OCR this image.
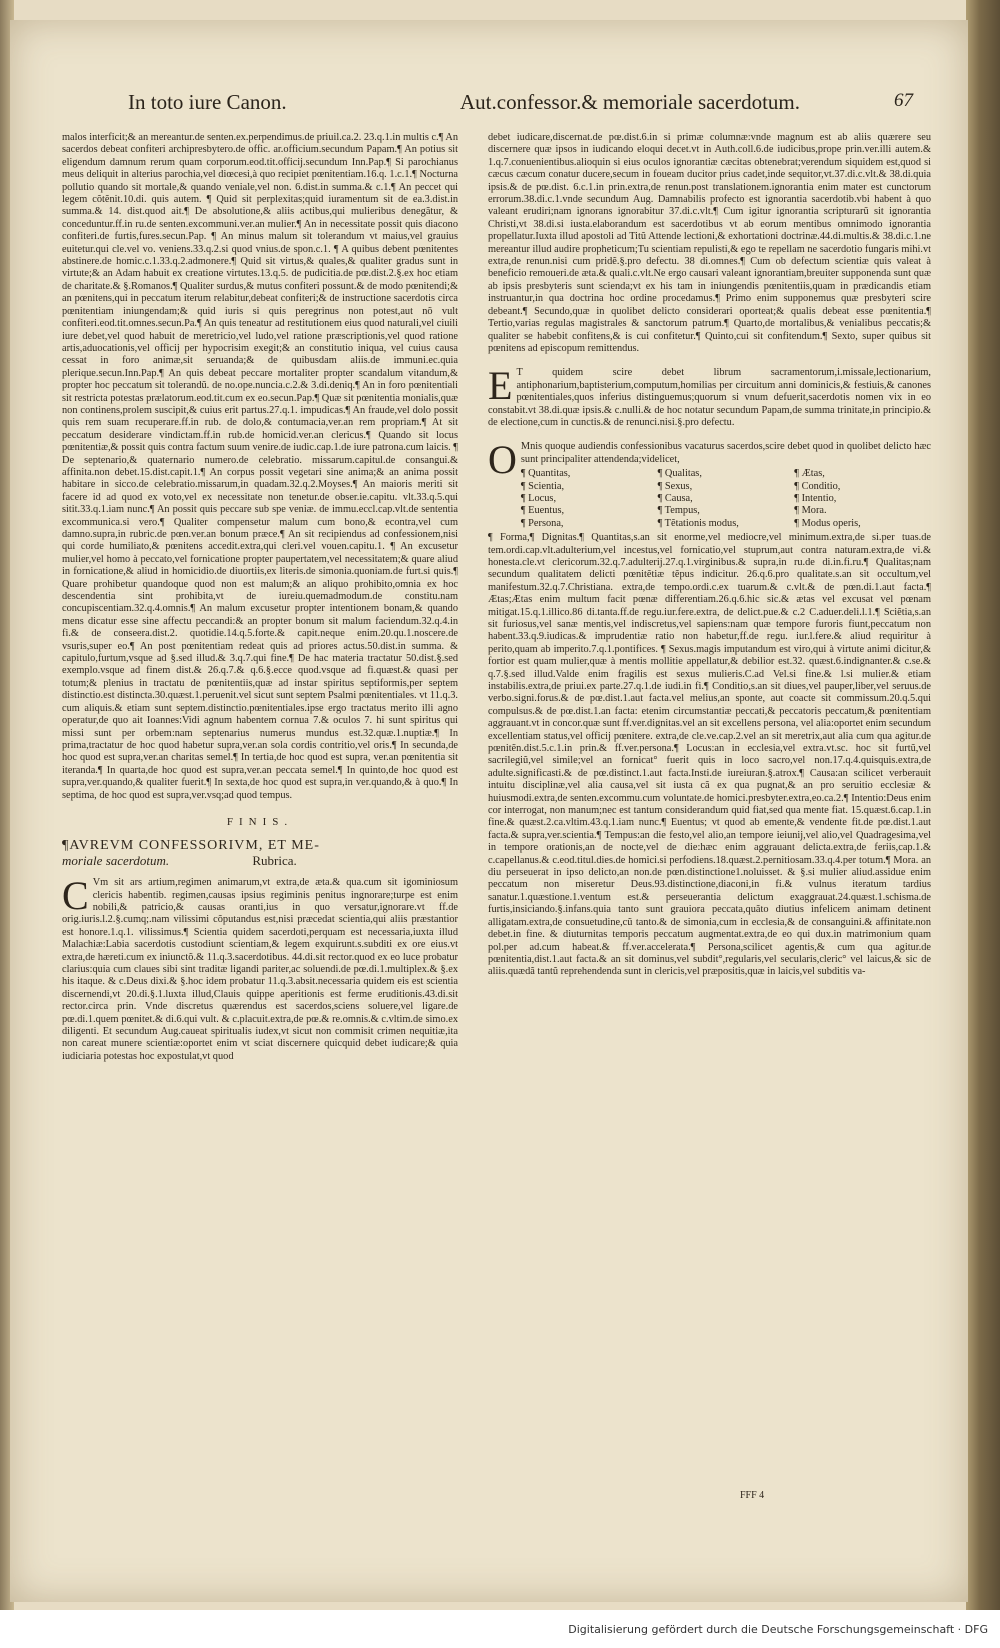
In toto iure Canon.	Aut.confessor.& memoriale sacerdotum.	67

malos interficit;& an mereantur.de senten.ex.perpendimus.de priuil.ca.2. 23.q.1.in multis c.¶ An sacerdos debeat confiteri archipresbytero.de offic. ar.officium.secundum Papam.¶ An potius sit eligendum damnum rerum quam corporum.eod.tit.officij.secundum Inn.Pap.¶ Si parochianus meus deliquit in alterius parochia,vel diœcesi,à quo recipiet pœnitentiam.16.q. 1.c.1.¶ Nocturna pollutio quando sit mortale,& quando veniale,vel non. 6.dist.in summa.& c.1.¶ An peccet qui legem cõtẽnit.10.di. quis autem. ¶ Quid sit perplexitas;quid iuramentum sit de ea.3.dist.in summa.& 14. dist.quod ait.¶ De absolutione,& aliis actibus,qui mulieribus denegãtur, & conceduntur.ff.in ru.de senten.excommuni.ver.an mulier.¶ An in necessitate possit quis diacono confiteri.de furtis,fures.secun.Pap. ¶ An minus malum sit tolerandum vt maius,vel grauius euitetur.qui cle.vel vo. veniens.33.q.2.si quod vnius.de spon.c.1. ¶ A quibus debent pœnitentes abstinere.de homic.c.1.33.q.2.admonere.¶ Quid sit virtus,& quales,& qualiter gradus sunt in virtute;& an Adam habuit ex creatione virtutes.13.q.5. de pudicitia.de pœ.dist.2.§.ex hoc etiam de charitate.& §.Romanos.¶ Qualiter surdus,& mutus confiteri possunt.& de modo pœnitendi;& an pœnitens,qui in peccatum iterum relabitur,debeat confiteri;& de instructione sacerdotis circa pœnitentiam iniungendam;& quid iuris si quis peregrinus non potest,aut nõ vult confiteri.eod.tit.omnes.secun.Pa.¶ An quis teneatur ad restitutionem eius quod naturali,vel ciuili iure debet,vel quod habuit de meretricio,vel ludo,vel ratione præscriptionis,vel quod ratione artis,aduocationis,vel officij per hypocrisim exegit;& an constitutio iniqua, vel cuius causa cessat in foro animæ,sit seruanda;& de quibusdam aliis.de immuni.ec.quia plerique.secun.Inn.Pap.¶ An quis debeat peccare mortaliter propter scandalum vitandum,& propter hoc peccatum sit tolerandũ. de no.ope.nuncia.c.2.& 3.di.deniq.¶ An in foro pœnitentiali sit restricta potestas prælatorum.eod.tit.cum ex eo.secun.Pap.¶ Quæ sit pœnitentia monialis,quæ non continens,prolem suscipit,& cuius erit partus.27.q.1. impudicas.¶ An fraude,vel dolo possit quis rem suam recuperare.ff.in rub. de dolo,& contumacia,ver.an rem propriam.¶ At sit peccatum desiderare vindictam.ff.in rub.de homicid.ver.an clericus.¶ Quando sit locus pœnitentiæ,& possit quis contra factum suum venire.de iudic.cap.1.de iure patrona.cum laicis. ¶ De septenario,& quaternario numero.de celebratio. missarum.capitul.de consangui.& affinita.non debet.15.dist.capit.1.¶ An corpus possit vegetari sine anima;& an anima possit habitare in sicco.de celebratio.missarum,in quadam.32.q.2.Moyses.¶ An maioris meriti sit facere id ad quod ex voto,vel ex necessitate non tenetur.de obser.ie.capitu. vlt.33.q.5.qui sitit.33.q.1.iam nunc.¶ An possit quis peccare sub spe veniæ. de immu.eccl.cap.vlt.de sententia excommunica.si vero.¶ Qualiter compensetur malum cum bono,& econtra,vel cum damno.supra,in rubric.de pœn.ver.an bonum præce.¶ An sit recipiendus ad confessionem,nisi qui corde humiliato,& pœnitens accedit.extra,qui cleri.vel vouen.capitu.1. ¶ An excusetur mulier,vel homo à peccato,vel fornicatione propter paupertatem,vel necessitatem;& quare aliud in fornicatione,& aliud in homicidio.de diuortiis,ex literis.de simonia.quoniam.de furt.si quis.¶ Quare prohibetur quandoque quod non est malum;& an aliquo prohibito,omnia ex hoc descendentia sint prohibita,vt de iureiu.quemadmodum.de constitu.nam concupiscentiam.32.q.4.omnis.¶ An malum excusetur propter intentionem bonam,& quando mens dicatur esse sine affectu peccandi:& an propter bonum sit malum faciendum.32.q.4.in fi.& de conseera.dist.2. quotidie.14.q.5.forte.& capit.neque enim.20.qu.1.noscere.de vsuris,super eo.¶ An post pœnitentiam redeat quis ad priores actus.50.dist.in summa. & capitulo,furtum,vsque ad §.sed illud.& 3.q.7.qui fine.¶ De hac materia tractatur 50.dist.§.sed exemplo.vsque ad finem dist.& 26.q.7.& q.6.§.ecce quod.vsque ad fi.quæst.& quasi per totum;& plenius in tractatu de pœnitentiis,quæ ad instar spiritus septiformis,per septem distinctio.est distincta.30.quæst.1.peruenit.vel sicut sunt septem Psalmi pœnitentiales. vt 11.q.3. cum aliquis.& etiam sunt septem.distinctio.pœnitentiales.ipse ergo tractatus merito illi agno operatur,de quo ait Ioannes:Vidi agnum habentem cornua 7.& oculos 7. hi sunt spiritus qui missi sunt per orbem:nam septenarius numerus mundus est.32.quæ.1.nuptiæ.¶ In prima,tractatur de hoc quod habetur supra,ver.an sola cordis contritio,vel oris.¶ In secunda,de hoc quod est supra,ver.an charitas semel.¶ In tertia,de hoc quod est supra, ver.an pœnitentia sit iteranda.¶ In quarta,de hoc quod est supra,ver.an peccata semel.¶ In quinto,de hoc quod est supra,ver.quando,& qualiter fuerit.¶ In sexta,de hoc quod est supra,in ver.quando,& à quo.¶ In septima, de hoc quod est supra,ver.vsq;ad quod tempus.

FINIS.
¶AVREVM CONFESSORIVM, ET ME-
moriale sacerdotum.	Rubrica.
C Vm sit ars artium,regimen animarum,vt extra,de æta.& qua.cum sit igominiosum clericis habentib. regimen,causas ipsius regiminis penitus ingnorare;turpe est enim nobili,& patricio,& causas oranti,ius in quo versatur,ignorare.vt ff.de orig.iuris.l.2.§.cumq;.nam vilissimi cõputandus est,nisi præcedat scientia,qui aliis præstantior est honore.1.q.1. vilissimus.¶ Scientia quidem sacerdoti,perquam est necessaria,iuxta illud Malachiæ:Labia sacerdotis custodiunt scientiam,& legem exquirunt.s.subditi ex ore eius.vt extra,de hæreti.cum ex iniunctõ.& 11.q.3.sacerdotibus. 44.di.sit rector.quod ex eo luce probatur clarius:quia cum claues sibi sint traditæ ligandi pariter,ac soluendi.de pœ.di.1.multiplex.& §.ex his itaque. & c.Deus dixi.& §.hoc idem probatur 11.q.3.absit.necessaria quidem eis est scientia discernendi,vt 20.di.§.1.luxta illud,Clauis quippe aperitionis est ferme eruditionis.43.di.sit rector.circa prin. Vnde discretus quærendus est sacerdos,sciens soluere,vel ligare.de pœ.di.1.quem pœnitet.& di.6.qui vult. & c.placuit.extra,de pœ.& re.omnis.& c.vltim.de simo.ex diligenti. Et secundum Aug.caueat spiritualis iudex,vt sicut non commisit crimen nequitiæ,ita non careat munere scientiæ:oportet enim vt sciat discernere quicquid debet iudicare;& quia iudiciaria potestas hoc expostulat,vt quod

debet iudicare,discernat.de pœ.dist.6.in si primæ columnæ:vnde magnum est ab aliis quærere seu discernere quæ ipsos in iudicando eloqui decet.vt in Auth.coll.6.de iudicibus,prope prin.ver.illi autem.& 1.q.7.conuenientibus.alioquin si eius oculos ignorantiæ cæcitas obtenebrat;verendum siquidem est,quod si cæcus cæcum conatur ducere,secum in foueam ducitor prius cadet,inde sequitor,vt.37.di.c.vlt.& 38.di.quia ipsis.& de pœ.dist. 6.c.1.in prin.extra,de renun.post translationem.ignorantia enim mater est cunctorum errorum.38.di.c.1.vnde secundum Aug. Damnabilis profecto est ignorantia sacerdotib.vbi habent à quo valeant erudiri;nam ignorans ignorabitur 37.di.c.vlt.¶ Cum igitur ignorantia scripturarũ sit ignorantia Christi,vt 38.di.si iusta.elaborandum est sacerdotibus vt ab eorum mentibus omnimodo ignorantia propellatur.Iuxta illud apostoli ad Titũ Attende lectioni,& exhortationi doctrinæ.44.di.multis.& 38.di.c.1.ne mereantur illud audire propheticum;Tu scientiam repulisti,& ego te repellam ne sacerdotio fungaris mihi.vt extra,de renun.nisi cum pridẽ.§.pro defectu. 38 di.omnes.¶ Cum ob defectum scientiæ quis valeat à beneficio remoueri.de æta.& quali.c.vlt.Ne ergo causari valeant ignorantiam,breuiter supponenda sunt quæ ab ipsis presbyteris sunt scienda;vt ex his tam in iniungendis pœnitentiis,quam in prædicandis etiam instruantur,in qua doctrina hoc ordine procedamus.¶ Primo enim supponemus quæ presbyteri scire debeant.¶ Secundo,quæ in quolibet delicto considerari oporteat;& qualis debeat esse pœnitentia.¶ Tertio,varias regulas magistrales & sanctorum patrum.¶ Quarto,de mortalibus,& venialibus peccatis;& qualiter se habebit confitens,& is cui confitetur.¶ Quinto,cui sit confitendum.¶ Sexto, super quibus sit pœnitens ad episcopum remittendus.

E T quidem scire debet librum sacramentorum,i.missale,lectionarium, antiphonarium,baptisterium,computum,homilias per circuitum anni dominicis,& festiuis,& canones pœnitentiales,quos inferius distinguemus;quorum si vnum defuerit,sacerdotis nomen vix in eo constabit.vt 38.di.quæ ipsis.& c.nulli.& de hoc notatur secundum Papam,de summa trinitate,in principio.& de electione,cum in cunctis.& de renunci.nisi.§.pro defectu.

O Mnis quoque audiendis confessionibus vacaturus sacerdos,scire debet quod in quolibet delicto hæc sunt principaliter attendenda;videlicet,

¶ Quantitas,	¶ Qualitas,	¶ Ætas,
¶ Scientia,	¶ Sexus,	¶ Conditio,
¶ Locus,	¶ Causa,	¶ Intentio,
¶ Euentus,	¶ Tempus,	¶ Mora.
¶ Persona,	¶ Tẽtationis modus,	¶ Modus operis,

¶ Forma,¶ Dignitas.¶ Quantitas,s.an sit enorme,vel mediocre,vel minimum.extra,de si.per tuas.de tem.ordi.cap.vlt.adulterium,vel incestus,vel fornicatio,vel stuprum,aut contra naturam.extra,de vi.& honesta.cle.vt clericorum.32.q.7.adulterij.27.q.1.virginibus.& supra,in ru.de di.in.fi.ru.¶ Qualitas;nam secundum qualitatem delicti pœnitẽtiæ tẽpus indicitur. 26.q.6.pro qualitate.s.an sit occultum,vel manifestum.32.q.7.Christiana. extra,de tempo.ordi.c.ex tuarum.& c.vlt.& de pœn.di.1.aut facta.¶ Ætas;Ætas enim multum facit pœnæ differentiam.26.q.6.hic sic.& ætas vel excusat vel pœnam mitigat.15.q.1.illico.86 di.tanta.ff.de regu.iur.fere.extra, de delict.pue.& c.2 C.aduer.deli.l.1.¶ Sciẽtia,s.an sit furiosus,vel sanæ mentis,vel indiscretus,vel sapiens:nam quæ tempore furoris fiunt,peccatum non habent.33.q.9.iudicas.& imprudentiæ ratio non habetur,ff.de regu. iur.l.fere.& aliud requiritur à perito,quam ab imperito.7.q.1.pontifices. ¶ Sexus.magis imputandum est viro,qui à virtute animi dicitur,& fortior est quam mulier,quæ à mentis mollitie appellatur,& debilior est.32. quæst.6.indignanter.& c.se.& q.7.§.sed illud.Valde enim fragilis est sexus mulieris.C.ad Vel.si fine.& l.si mulier.& etiam instabilis.extra,de priui.ex parte.27.q.1.de iudi.in fi.¶ Conditio,s.an sit diues,vel pauper,liber,vel seruus.de verbo.signi.forus.& de pœ.dist.1.aut facta.vel melius,an sponte, aut coacte sit commissum.20.q.5.qui compulsus.& de pœ.dist.1.an facta: etenim circumstantiæ peccati,& peccatoris peccatum,& pœnitentiam aggrauant.vt in concor.quæ sunt ff.ver.dignitas.vel an sit excellens persona, vel alia:oportet enim secundum excellentiam status,vel officij pœnitere. extra,de cle.ve.cap.2.vel an sit meretrix,aut alia cum qua agitur.de pœnitẽn.dist.5.c.1.in prin.& ff.ver.persona.¶ Locus:an in ecclesia,vel extra.vt.sc. hoc sit furtũ,vel sacrilegiũ,vel simile;vel an fornicat° fuerit quis in loco sacro,vel non.17.q.4.quisquis.extra,de adulte.significasti.& de pœ.distinct.1.aut facta.Insti.de iureiuran.§.atrox.¶ Causa:an scilicet verberauit intuitu disciplinæ,vel alia causa,vel sit iusta cã ex qua pugnat,& an pro seruitio ecclesiæ & huiusmodi.extra,de senten.excommu.cum voluntate.de homici.presbyter.extra,eo.ca.2.¶ Intentio:Deus enim cor interrogat, non manum;nec est tantum considerandum quid fiat,sed qua mente fiat. 15.quæst.6.cap.1.in fine.& quæst.2.ca.vltim.43.q.1.iam nunc.¶ Euentus; vt quod ab emente,& vendente fit.de pœ.dist.1.aut facta.& supra,ver.scientia.¶ Tempus:an die festo,vel alio,an tempore ieiunij,vel alio,vel Quadragesima,vel in tempore orationis,an de nocte,vel de die:hæc enim aggrauant delicta.extra,de feriis,cap.1.& c.capellanus.& c.eod.titul.dies.de homici.si perfodiens.18.quæst.2.pernitiosam.33.q.4.per totum.¶ Mora. an diu perseuerat in ipso delicto,an non.de pœn.distinctione1.noluisset. & §.si mulier aliud.assidue enim peccatum non miseretur Deus.93.distinctione,diaconi,in fi.& vulnus iteratum tardius sanatur.1.quæstione.1.ventum est.& perseuerantia delictum exaggrauat.24.quæst.1.schisma.de furtis,insiciando.§.infans.quia tanto sunt grauiora peccata,quãto diutius infelicem animam detinent alligatam.extra,de consuetudine,cũ tanto.& de simonia,cum in ecclesia,& de consanguini.& affinitate.non debet.in fine. & diuturnitas temporis peccatum augmentat.extra,de eo qui dux.in matrimonium quam pol.per ad.cum habeat.& ff.ver.accelerata.¶ Persona,scilicet agentis,& cum qua agitur.de pœnitentia,dist.1.aut facta.& an sit dominus,vel subdit°,regularis,vel secularis,cleric° vel laicus,& sic de aliis.quædã tantũ reprehendenda sunt in clericis,vel præpositis,quæ in laicis,vel subditis va-

FFF 4
Digitalisierung gefördert durch die Deutsche Forschungsgemeinschaft · DFG
